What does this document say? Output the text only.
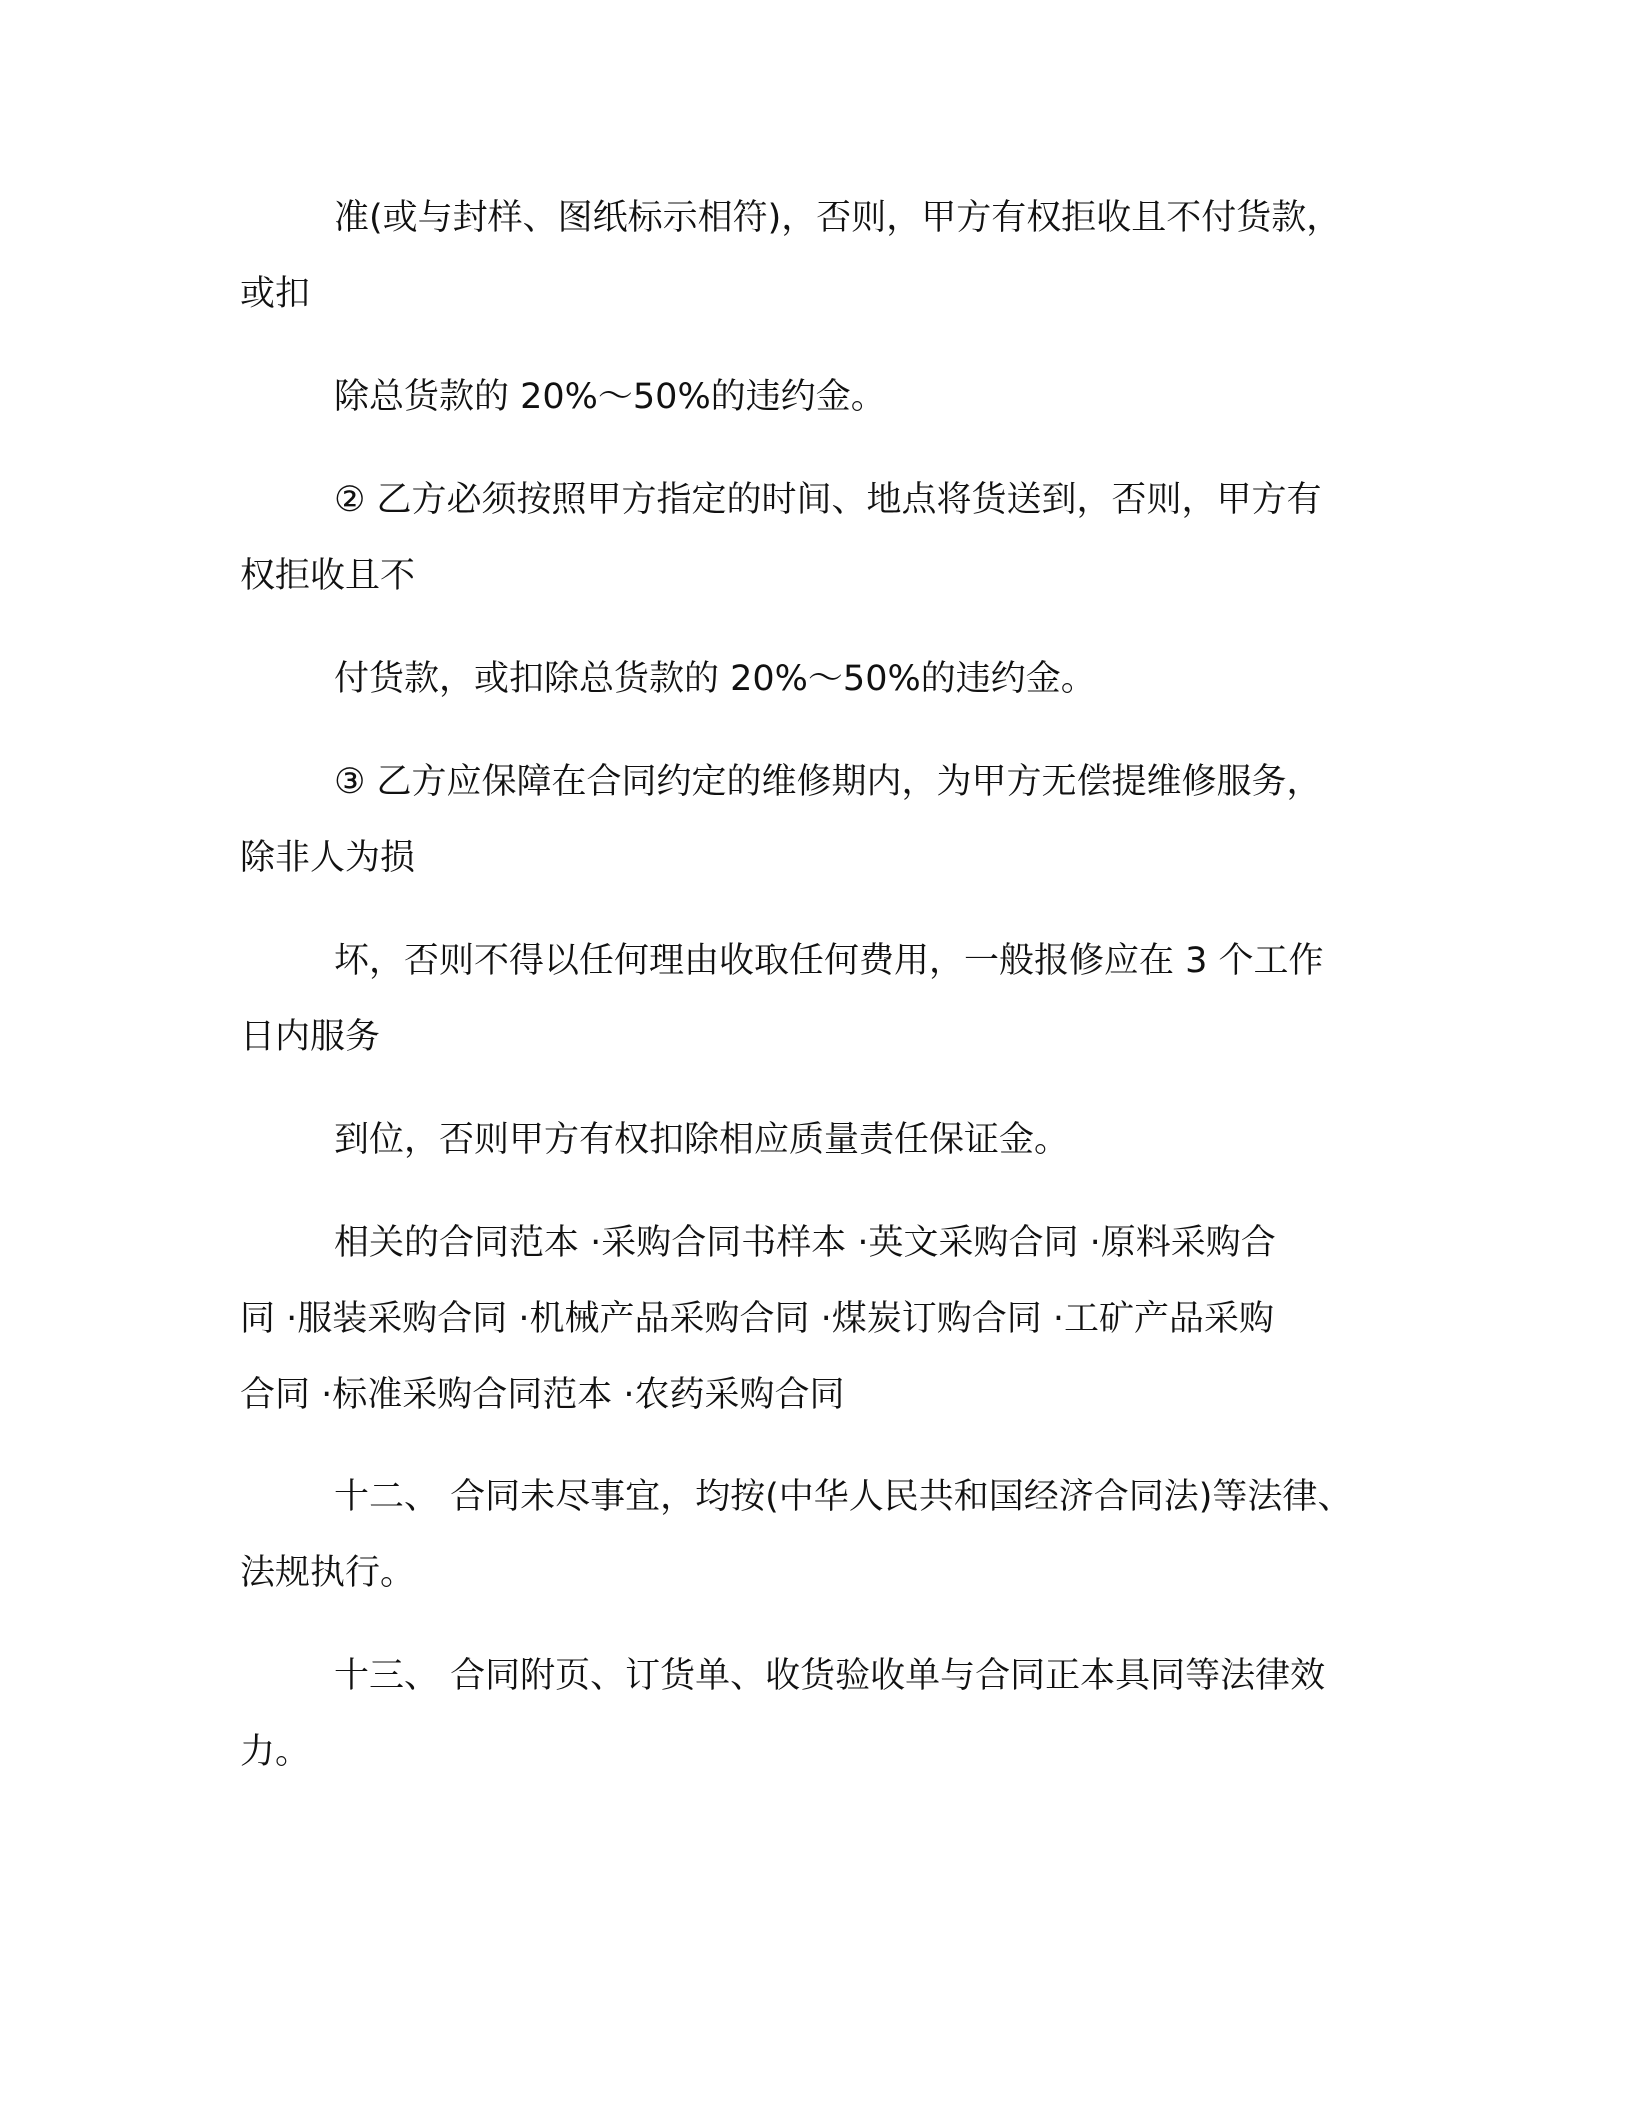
准(或与封样、图纸标示相符)，否则，甲方有权拒收且不付货款，

或扣

除总货款的 20%～50%的违约金。

② 乙方必须按照甲方指定的时间、地点将货送到，否则，甲方有

权拒收且不

付货款，或扣除总货款的 20%～50%的违约金。

③ 乙方应保障在合同约定的维修期内，为甲方无偿提维修服务，

除非人为损

坏，否则不得以任何理由收取任何费用，一般报修应在 3 个工作

日内服务

到位，否则甲方有权扣除相应质量责任保证金。

相关的合同范本 ·采购合同书样本 ·英文采购合同 ·原料采购合

同 ·服装采购合同 ·机械产品采购合同 ·煤炭订购合同 ·工矿产品采购

合同 ·标准采购合同范本 ·农药采购合同

十二、 合同未尽事宜，均按(中华人民共和国经济合同法)等法律、

法规执行。

十三、 合同附页、订货单、收货验收单与合同正本具同等法律效

力。
